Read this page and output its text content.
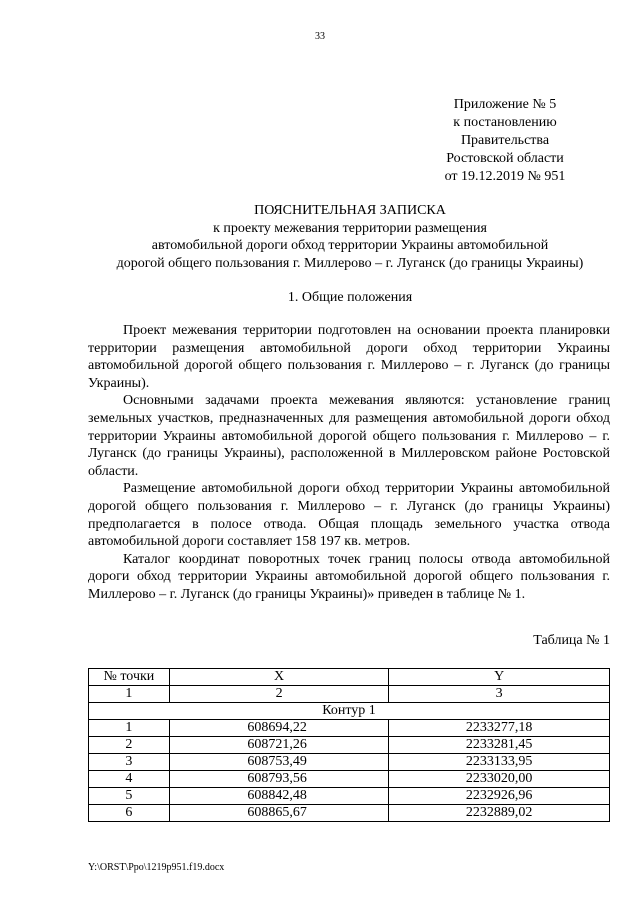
33
Приложение № 5
к постановлению
Правительства
Ростовской области
от 19.12.2019 № 951
ПОЯСНИТЕЛЬНАЯ ЗАПИСКА
к проекту межевания территории размещения
автомобильной дороги обход территории Украины автомобильной
дорогой общего пользования г. Миллерово – г. Луганск (до границы Украины)
1. Общие положения

Проект межевания территории подготовлен на основании проекта планировки территории размещения автомобильной дороги обход территории Украины автомобильной дорогой общего пользования г. Миллерово – г. Луганск (до границы Украины).

Основными задачами проекта межевания являются: установление границ земельных участков, предназначенных для размещения автомобильной дороги обход территории Украины автомобильной дорогой общего пользования г. Миллерово – г. Луганск (до границы Украины), расположенной в Миллеровском районе Ростовской области.

Размещение автомобильной дороги обход территории Украины автомобильной дорогой общего пользования г. Миллерово – г. Луганск (до границы Украины) предполагается в полосе отвода. Общая площадь земельного участка отвода автомобильной дороги составляет 158 197 кв. метров.

Каталог координат поворотных точек границ полосы отвода автомобильной дороги обход территории Украины автомобильной дорогой общего пользования г. Миллерово – г. Луганск (до границы Украины)» приведен в таблице № 1.

Таблица № 1
№ точки	X	Y
1	2	3
Контур 1		
1	608694,22	2233277,18
2	608721,26	2233281,45
3	608753,49	2233133,95
4	608793,56	2233020,00
5	608842,48	2232926,96
6	608865,67	2232889,02
Y:\ORST\Ppo\1219p951.f19.docx
